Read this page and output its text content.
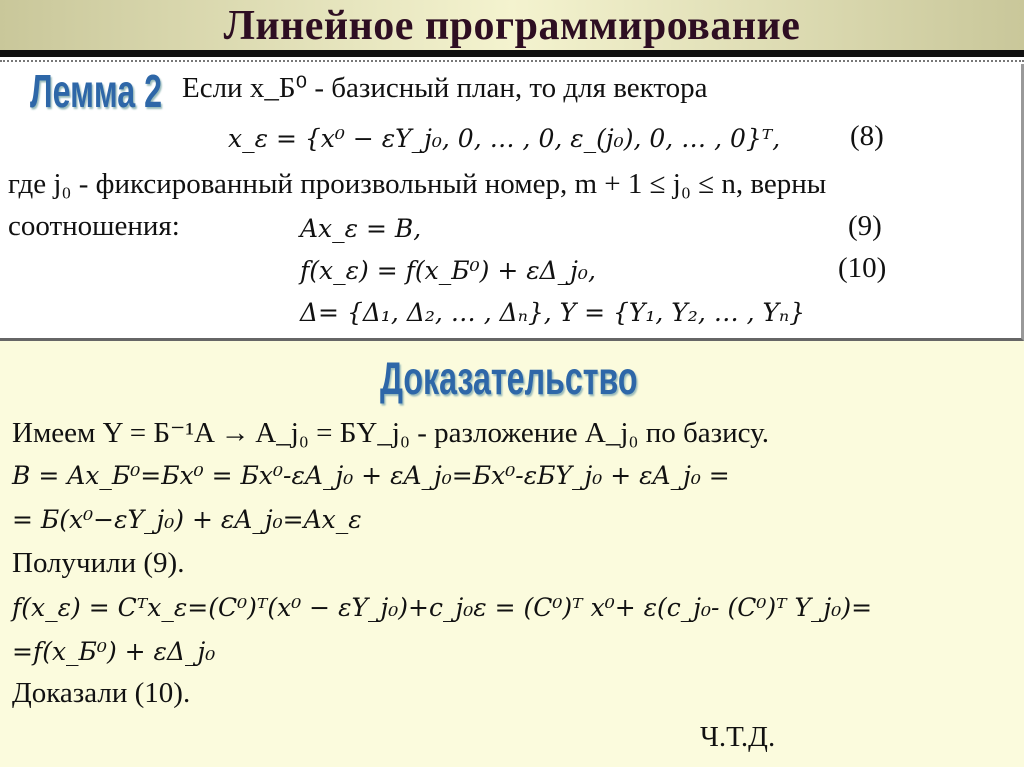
Линейное программирование
Лемма 2 Если x_Б⁰ - базисный план, то для вектора
x_ε = {x⁰ − εY_j₀, 0, … , 0, ε_(j₀), 0, … , 0}ᵀ, (8)
где j₀ - фиксированный произвольный номер, m + 1 ≤ j₀ ≤ n, верны
соотношения:	Ax_ε = B,	(9)
f(x_ε) = f(x_Б⁰) + εΔ_j₀,	(10)
Δ= {Δ₁, Δ₂, … , Δₙ}, Y = {Y₁, Y₂, … , Yₙ}
Доказательство
Имеем Y = Б⁻¹A → A_j₀ = БY_j₀ - разложение A_j₀ по базису.
B = Ax_Б⁰=Бx⁰ = Бx⁰-εA_j₀ + εA_j₀=Бx⁰-εБY_j₀ + εA_j₀ =
= Б(x⁰−εY_j₀) + εA_j₀=Ax_ε
Получили (9).
f(x_ε) = Cᵀx_ε=(C⁰)ᵀ(x⁰ − εY_j₀)+c_j₀ε = (C⁰)ᵀ x⁰+ ε(c_j₀- (C⁰)ᵀ Y_j₀)=
=f(x_Б⁰) + εΔ_j₀
Доказали (10).
Ч.Т.Д.
